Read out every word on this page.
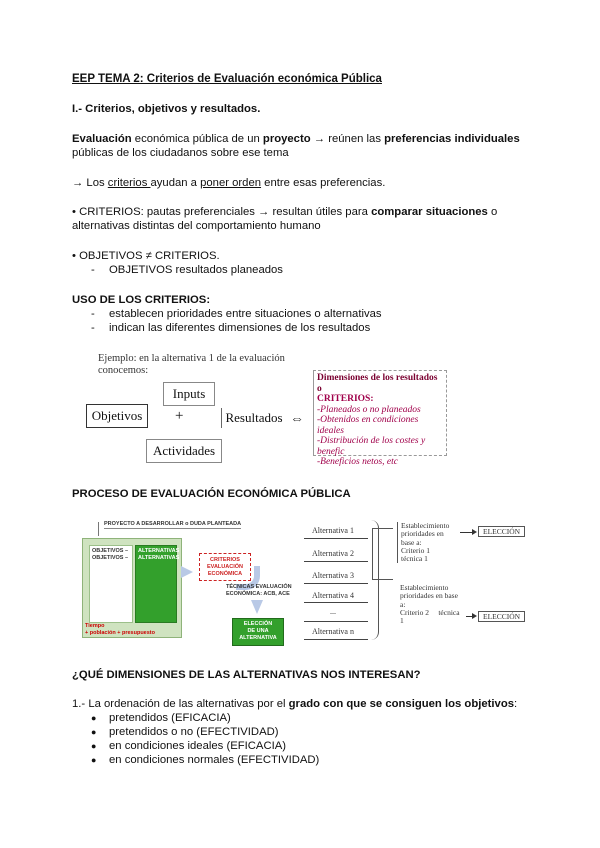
EEP TEMA 2: Criterios de Evaluación económica Pública
I.- Criterios, objetivos y resultados.
Evaluación económica pública de un proyecto → reúnen las preferencias individuales
públicas de los ciudadanos sobre ese tema
→ Los criterios ayudan a poner orden entre esas preferencias.
• CRITERIOS: pautas preferenciales → resultan útiles para comparar situaciones o
alternativas distintas del comportamiento humano
• OBJETIVOS ≠ CRITERIOS.
- OBJETIVOS resultados planeados
USO DE LOS CRITERIOS:
- establecen prioridades entre situaciones o alternativas
- indican las diferentes dimensiones de los resultados
Ejemplo: en la alternativa 1 de la evaluación
conocemos:
Inputs
Objetivos	+	Resultados ⇔
Actividades
Dimensiones de los resultados o
CRITERIOS:
-Planeados o no planeados
-Obtenidos en condiciones ideales
-Distribución de los costes y benefic
-Beneficios netos, etc
PROCESO DE EVALUACIÓN ECONÓMICA PÚBLICA
PROYECTO A DESARROLLAR o DUDA PLANTEADA
OBJETIVOS –
OBJETIVOS –
ALTERNATIVAS
ALTERNATIVAS
Tiempo
+ población + presupuesto
CRITERIOS
EVALUACIÓN
ECONÓMICA
TÉCNICAS EVALUACIÓN
ECONÓMICA: ACB, ACE
ELECCIÓN
DE UNA
ALTERNATIVA
Alternativa 1
Alternativa 2
Alternativa 3
Alternativa 4
...
Alternativa n
Establecimiento
prioridades en
base a:
Criterio 1
técnica 1
ELECCIÓN
Establecimiento
prioridades en base
a:
Criterio 2     técnica
1	ELECCIÓN
¿QUÉ DIMENSIONES DE LAS ALTERNATIVAS NOS INTERESAN?
1.- La ordenación de las alternativas por el grado con que se consiguen los objetivos:
● pretendidos (EFICACIA)
● pretendidos o no (EFECTIVIDAD)
● en condiciones ideales (EFICACIA)
● en condiciones normales (EFECTIVIDAD)
